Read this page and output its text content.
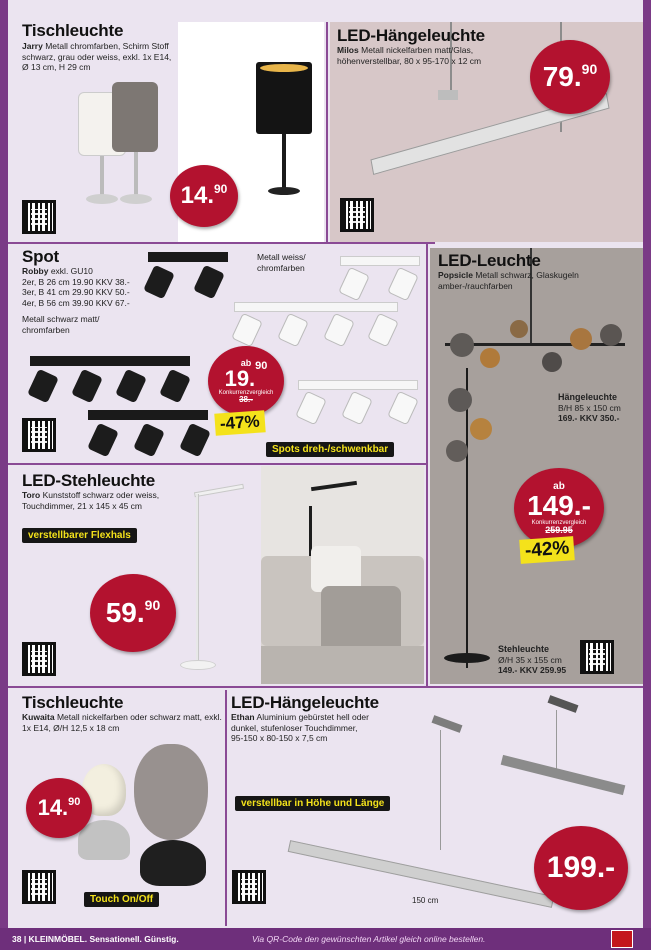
Tischleuchte
Jarry Metall chromfarben, Schirm Stoff schwarz, grau oder weiss, exkl. 1x E14, Ø 13 cm, H 29 cm
14. 90
LED-Hängeleuchte
Milos Metall nickelfarben matt/Glas, höhenverstellbar, 80 x 95-170 x 12 cm
79. 90
Spot
Robby exkl. GU10
2er, B 26 cm 19.90 KKV 38.-
3er, B 41 cm 29.90 KKV 50.-
4er, B 56 cm 39.90 KKV 67.-
Metall schwarz matt/ chromfarben
Metall weiss/ chromfarben
ab
19.90
Konkurrenzvergleich
38.-
-47%
Spots dreh-/schwenkbar
LED-Leuchte
Popsicle Metall schwarz, Glaskugeln amber-/rauchfarben
Hängeleuchte
B/H 85 x 150 cm
169.- KKV 350.-
ab
149.-
Konkurrenzvergleich
259.95
-42%
Stehleuchte
Ø/H 35 x 155 cm
149.- KKV 259.95
LED-Stehleuchte
Toro Kunststoff schwarz oder weiss, Touchdimmer, 21 x 145 x 45 cm
verstellbarer Flexhals
59. 90
Tischleuchte
Kuwaita Metall nickelfarben oder schwarz matt, exkl. 1x E14, Ø/H 12,5 x 18 cm
14. 90
Touch On/Off
LED-Hängeleuchte
Ethan Aluminium gebürstet hell oder dunkel, stufenloser Touchdimmer, 95-150 x 80-150 x 7,5 cm
150 cm
verstellbar in Höhe und Länge
199.-
38 | KLEINMÖBEL. Sensationell. Günstig.	Via QR-Code den gewünschten Artikel gleich online bestellen.
